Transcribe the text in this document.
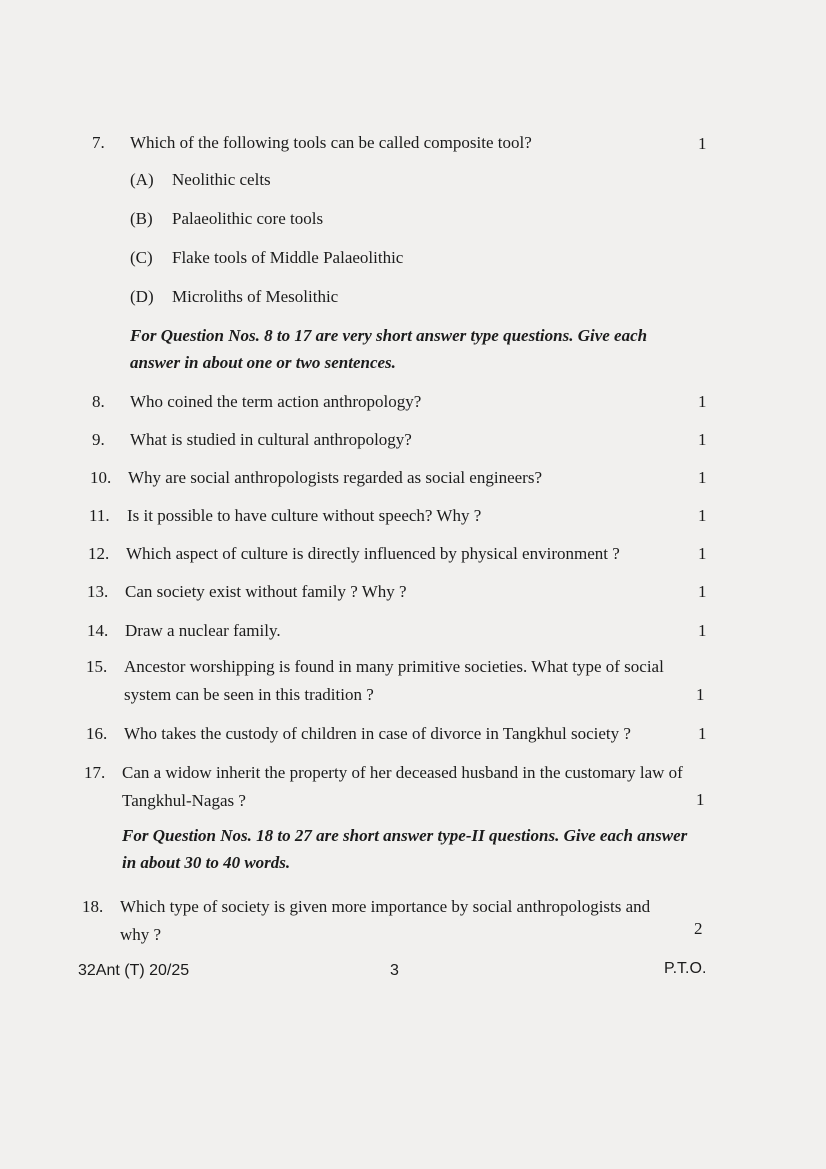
7. Which of the following tools can be called composite tool?	1
(A) Neolithic celts
(B) Palaeolithic core tools
(C) Flake tools of Middle Palaeolithic
(D) Microliths of Mesolithic
For Question Nos. 8 to 17 are very short answer type questions. Give each
answer in about one or two sentences.
8. Who coined the term action anthropology?	1
9. What is studied in cultural anthropology?	1
10. Why are social anthropologists regarded as social engineers?	1
11. Is it possible to have culture without speech? Why ?	1
12. Which aspect of culture is directly influenced by physical environment ?	1
13. Can society exist without family ? Why ?	1
14. Draw a nuclear family.	1
15. Ancestor worshipping is found in many primitive societies. What type of social
system can be seen in this tradition ?	1
16. Who takes the custody of children in case of divorce in Tangkhul society ?	1
17. Can a widow inherit the property of her deceased husband in the customary law of
Tangkhul-Nagas ?	1
For Question Nos. 18 to 27 are short answer type-II questions. Give each answer
in about 30 to 40 words.
18. Which type of society is given more importance by social anthropologists and
why ?	2
32Ant (T) 20/25	3	P.T.O.
